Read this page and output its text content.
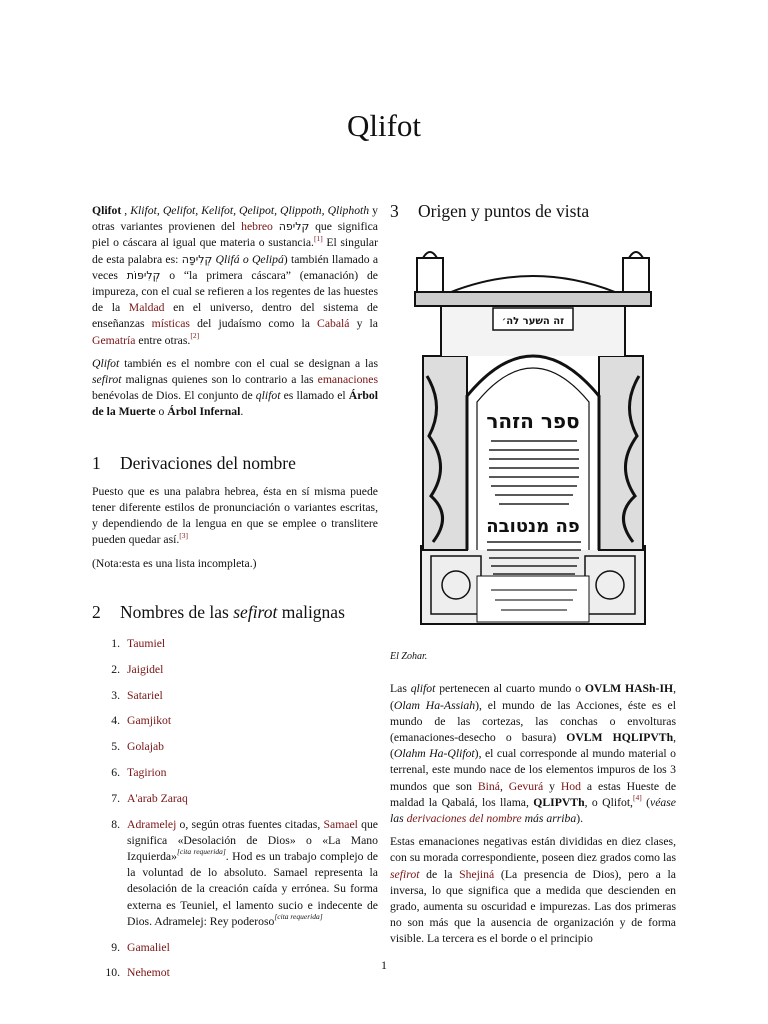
Qlifot

Qlifot , Klifot, Qelifot, Kelifot, Qelipot, Qlippoth, Qliphoth y otras variantes provienen del hebreo קליפה que significa piel o cáscara al igual que materia o sustancia.[1] El singular de esta palabra es: קְלִיפָּה Qlifá o Qelipá) también llamado a veces קְלִיפּוֹת o “la primera cáscara” (emanación) de impureza, con el cual se refieren a los regentes de las huestes de la Maldad en el universo, dentro del sistema de enseñanzas místicas del judaísmo como la Cabalá y la Gematría entre otras.[2]

Qlifot también es el nombre con el cual se designan a las sefirot malignas quienes son lo contrario a las emanaciones benévolas de Dios. El conjunto de qlifot es llamado el Árbol de la Muerte o Árbol Infernal.

1	Derivaciones del nombre

Puesto que es una palabra hebrea, ésta en sí misma puede tener diferente estilos de pronunciación o variantes escritas, y dependiendo de la lengua en que se emplee o translitere pueden quedar así.[3]

(Nota:esta es una lista incompleta.)

2	Nombres de las sefirot malignas
1. Taumiel
2. Jaigidel
3. Satariel
4. Gamjikot
5. Golajab
6. Tagirion
7. A'arab Zaraq
8. Adramelej o, según otras fuentes citadas, Samael que significa «Desolación de Dios» o «La Mano Izquierda»[cita requerida]. Hod es un trabajo complejo de la voluntad de lo absoluto. Samael representa la desolación de la creación caída y errónea. Su forma externa es Teuniel, el lamento sucio e indecente de Dios. Adramelej: Rey poderoso[cita requerida]
9. Gamaliel
10. Nehemot
3	Origen y puntos de vista
זה השער לה׳
ספר הזהר
פה מנטובה
El Zohar.

Las qlifot pertenecen al cuarto mundo o OVLM HASh-IH, (Olam Ha-Assiah), el mundo de las Acciones, éste es el mundo de las cortezas, las conchas o envolturas (emanaciones-desecho o basura) OVLM HQLIPVTh, (Olahm Ha-Qlifot), el cual corresponde al mundo material o terrenal, este mundo nace de los elementos impuros de los 3 mundos que son Biná, Gevurá y Hod a estas Hueste de maldad la Qabalá, los llama, QLIPVTh, o Qlifot,[4] (véase las derivaciones del nombre más arriba).

Estas emanaciones negativas están divididas en diez clases, con su morada correspondiente, poseen diez grados como las sefirot de la Shejiná (La presencia de Dios), pero a la inversa, lo que significa que a medida que descienden en grado, aumenta su oscuridad e impurezas. Las dos primeras no son más que la ausencia de organización y de forma visible. La tercera es el borde o el principio

1
